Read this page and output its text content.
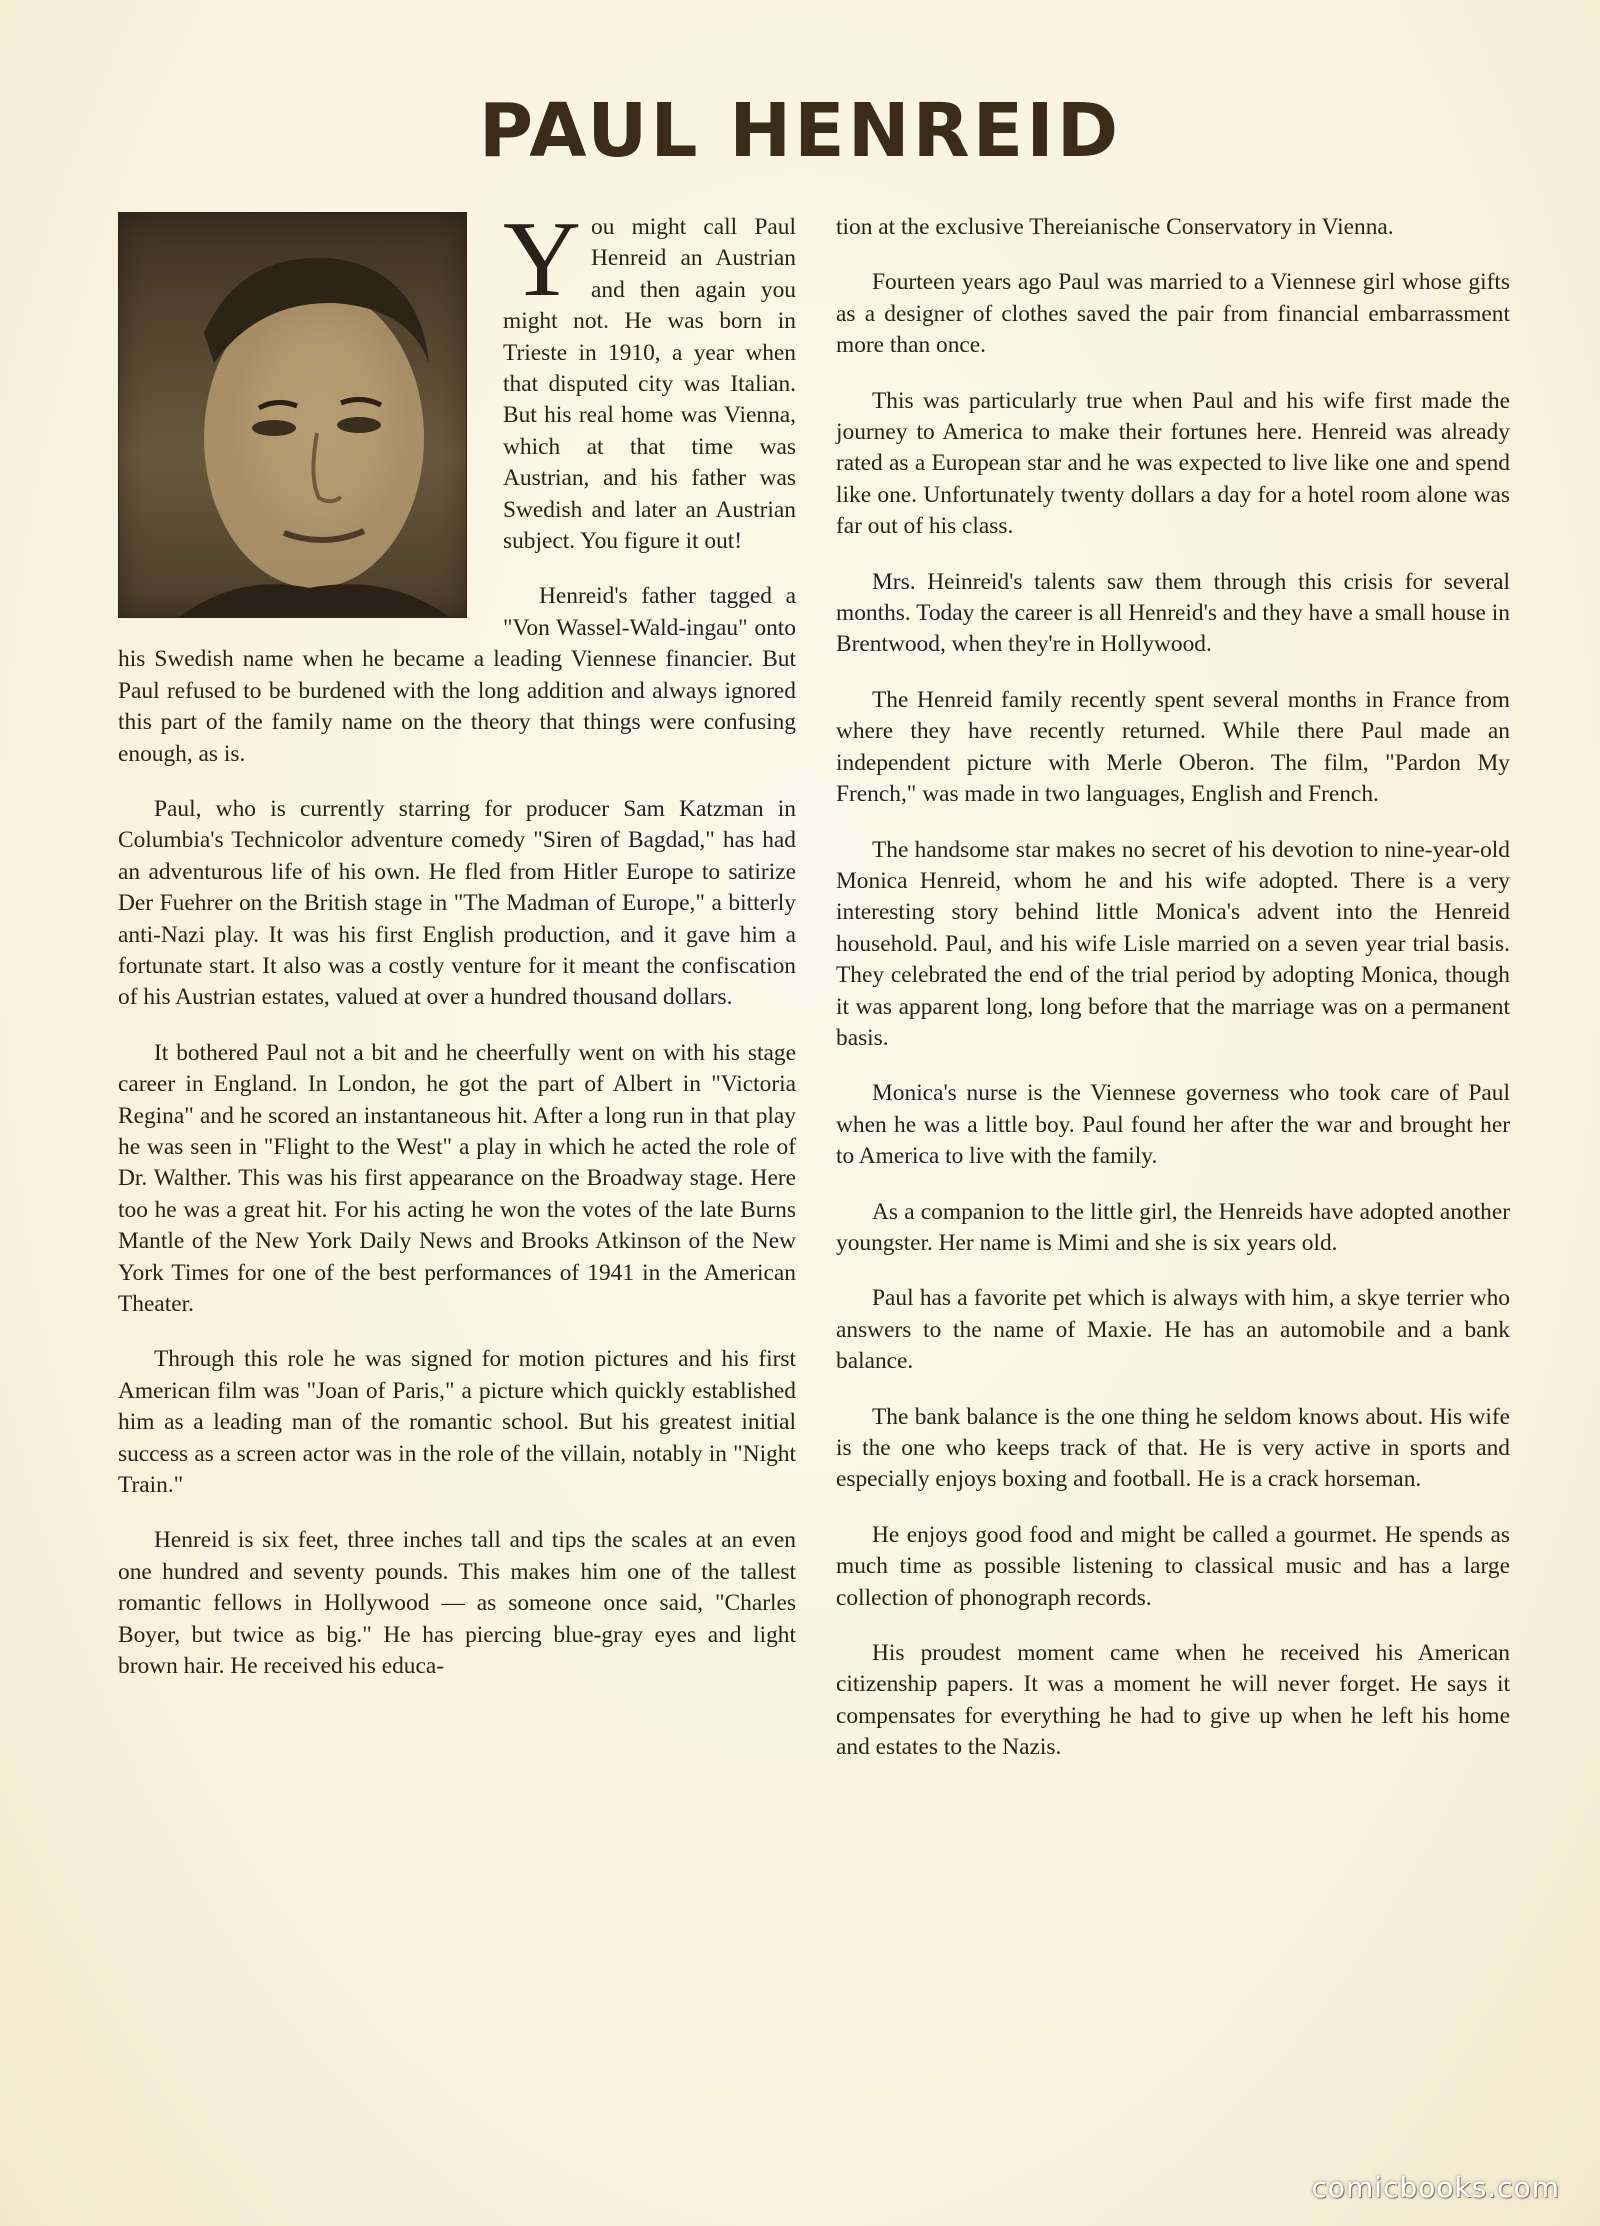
PAUL HENREID

You might call Paul Henreid an Austrian and then again you might not. He was born in Trieste in 1910, a year when that disputed city was Italian. But his real home was Vienna, which at that time was Austrian, and his father was Swedish and later an Austrian subject. You figure it out!

Henreid's father tagged a "Von Wassel-Wald-ingau" onto his Swedish name when he became a leading Viennese financier. But Paul refused to be burdened with the long addition and always ignored this part of the family name on the theory that things were confusing enough, as is.

Paul, who is currently starring for producer Sam Katzman in Columbia's Technicolor adventure comedy "Siren of Bagdad," has had an adventurous life of his own. He fled from Hitler Europe to satirize Der Fuehrer on the British stage in "The Madman of Europe," a bitterly anti-Nazi play. It was his first English production, and it gave him a fortunate start. It also was a costly venture for it meant the confiscation of his Austrian estates, valued at over a hundred thousand dollars.

It bothered Paul not a bit and he cheerfully went on with his stage career in England. In London, he got the part of Albert in "Victoria Regina" and he scored an instantaneous hit. After a long run in that play he was seen in "Flight to the West" a play in which he acted the role of Dr. Walther. This was his first appearance on the Broadway stage. Here too he was a great hit. For his acting he won the votes of the late Burns Mantle of the New York Daily News and Brooks Atkinson of the New York Times for one of the best performances of 1941 in the American Theater.

Through this role he was signed for motion pictures and his first American film was "Joan of Paris," a picture which quickly established him as a leading man of the romantic school. But his greatest initial success as a screen actor was in the role of the villain, notably in "Night Train."

Henreid is six feet, three inches tall and tips the scales at an even one hundred and seventy pounds. This makes him one of the tallest romantic fellows in Hollywood — as someone once said, "Charles Boyer, but twice as big." He has piercing blue-gray eyes and light brown hair. He received his educa-

tion at the exclusive Thereianische Conservatory in Vienna.

Fourteen years ago Paul was married to a Viennese girl whose gifts as a designer of clothes saved the pair from financial embarrassment more than once.

This was particularly true when Paul and his wife first made the journey to America to make their fortunes here. Henreid was already rated as a European star and he was expected to live like one and spend like one. Unfortunately twenty dollars a day for a hotel room alone was far out of his class.

Mrs. Heinreid's talents saw them through this crisis for several months. Today the career is all Henreid's and they have a small house in Brentwood, when they're in Hollywood.

The Henreid family recently spent several months in France from where they have recently returned. While there Paul made an independent picture with Merle Oberon. The film, "Pardon My French," was made in two languages, English and French.

The handsome star makes no secret of his devotion to nine-year-old Monica Henreid, whom he and his wife adopted. There is a very interesting story behind little Monica's advent into the Henreid household. Paul, and his wife Lisle married on a seven year trial basis. They celebrated the end of the trial period by adopting Monica, though it was apparent long, long before that the marriage was on a permanent basis.

Monica's nurse is the Viennese governess who took care of Paul when he was a little boy. Paul found her after the war and brought her to America to live with the family.

As a companion to the little girl, the Henreids have adopted another youngster. Her name is Mimi and she is six years old.

Paul has a favorite pet which is always with him, a skye terrier who answers to the name of Maxie. He has an automobile and a bank balance.

The bank balance is the one thing he seldom knows about. His wife is the one who keeps track of that. He is very active in sports and especially enjoys boxing and football. He is a crack horseman.

He enjoys good food and might be called a gourmet. He spends as much time as possible listening to classical music and has a large collection of phonograph records.

His proudest moment came when he received his American citizenship papers. It was a moment he will never forget. He says it compensates for everything he had to give up when he left his home and estates to the Nazis.

comicbooks.com
